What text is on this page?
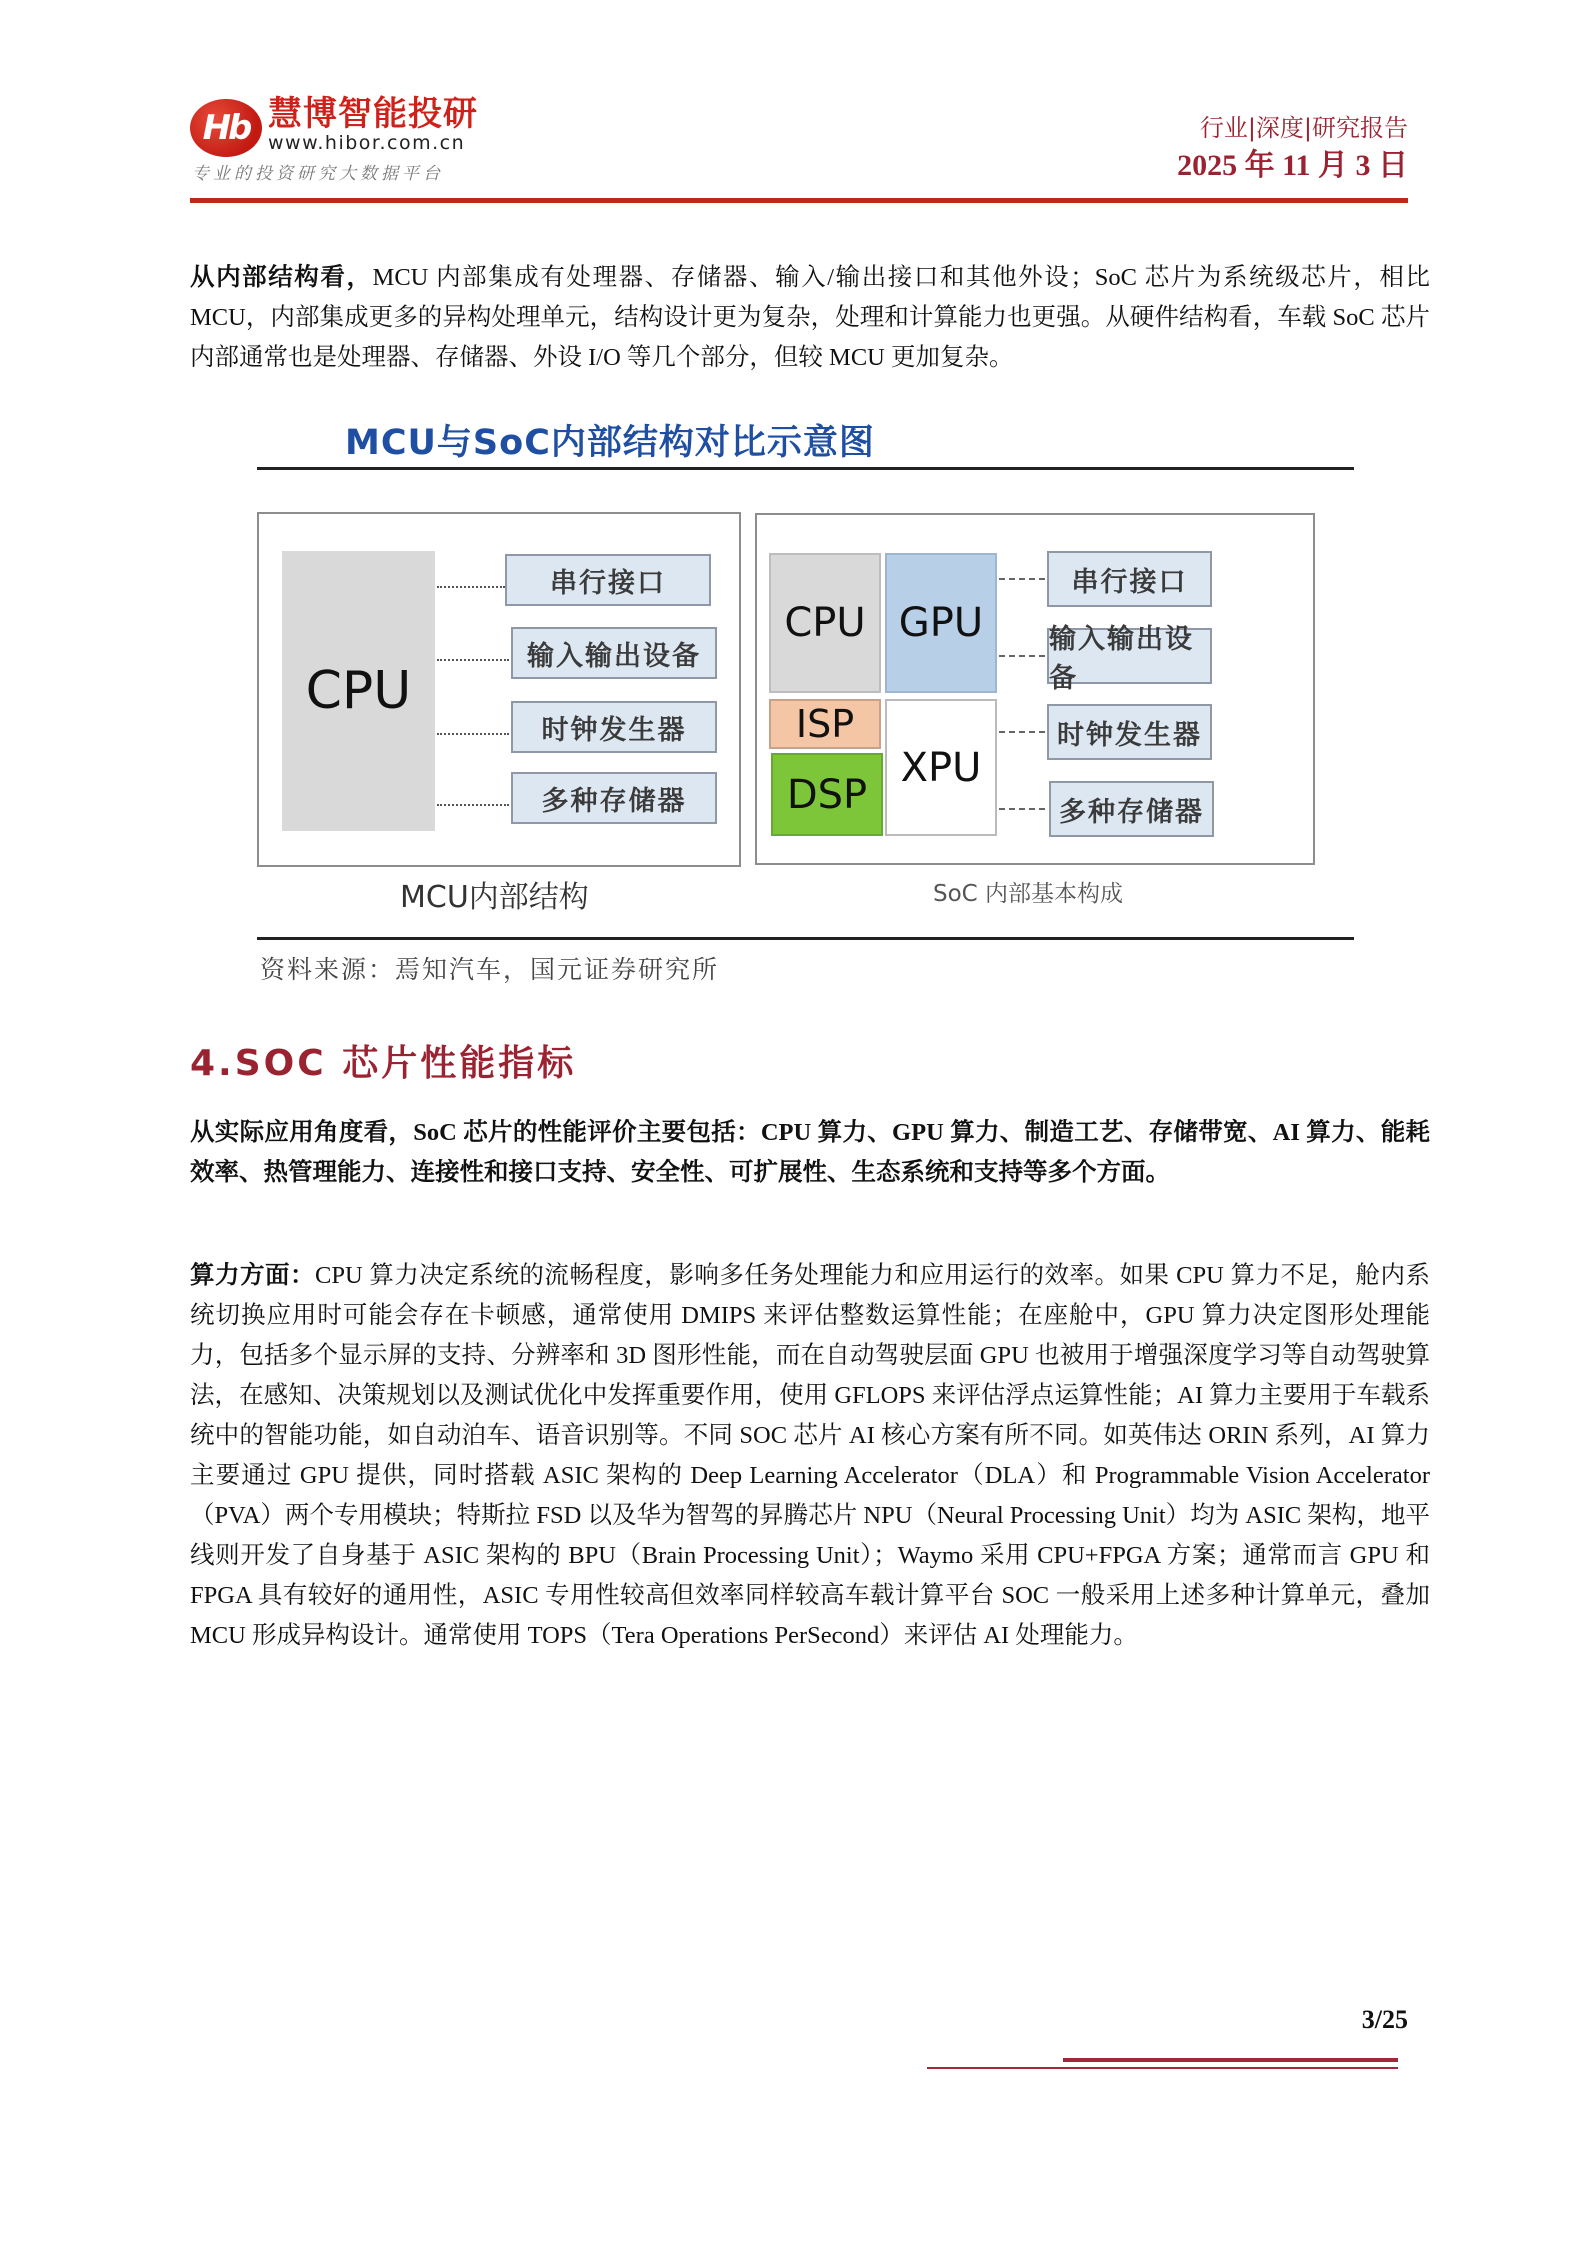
Hb 慧博智能投研
www.hibor.com.cn
专业的投资研究大数据平台
行业|深度|研究报告
2025 年 11 月 3 日
从内部结构看，MCU 内部集成有处理器、存储器、输入/输出接口和其他外设；SoC 芯片为系统级芯片，相比 MCU，内部集成更多的异构处理单元，结构设计更为复杂，处理和计算能力也更强。从硬件结构看，车载 SoC 芯片内部通常也是处理器、存储器、外设 I/O 等几个部分，但较 MCU 更加复杂。
MCU与SoC内部结构对比示意图
CPU
串行接口
输入输出设备
时钟发生器
多种存储器
MCU内部结构
CPU GPU
ISP
DSP
XPU
串行接口
输入输出设备
时钟发生器
多种存储器
SoC 内部基本构成
资料来源：焉知汽车，国元证券研究所
4.SOC 芯片性能指标
从实际应用角度看，SoC 芯片的性能评价主要包括：CPU 算力、GPU 算力、制造工艺、存储带宽、AI 算力、能耗效率、热管理能力、连接性和接口支持、安全性、可扩展性、生态系统和支持等多个方面。
算力方面：CPU 算力决定系统的流畅程度，影响多任务处理能力和应用运行的效率。如果 CPU 算力不足，舱内系统切换应用时可能会存在卡顿感，通常使用 DMIPS 来评估整数运算性能；在座舱中，GPU 算力决定图形处理能力，包括多个显示屏的支持、分辨率和 3D 图形性能，而在自动驾驶层面 GPU 也被用于增强深度学习等自动驾驶算法，在感知、决策规划以及测试优化中发挥重要作用，使用 GFLOPS 来评估浮点运算性能；AI 算力主要用于车载系统中的智能功能，如自动泊车、语音识别等。不同 SOC 芯片 AI 核心方案有所不同。如英伟达 ORIN 系列，AI 算力主要通过 GPU 提供，同时搭载 ASIC 架构的 Deep Learning Accelerator（DLA）和 Programmable Vision Accelerator（PVA）两个专用模块；特斯拉 FSD 以及华为智驾的昇腾芯片 NPU（Neural Processing Unit）均为 ASIC 架构，地平线则开发了自身基于 ASIC 架构的 BPU（Brain Processing Unit）；Waymo 采用 CPU+FPGA 方案；通常而言 GPU 和 FPGA 具有较好的通用性，ASIC 专用性较高但效率同样较高车载计算平台 SOC 一般采用上述多种计算单元，叠加 MCU 形成异构设计。通常使用 TOPS（Tera Operations PerSecond）来评估 AI 处理能力。
3/25
